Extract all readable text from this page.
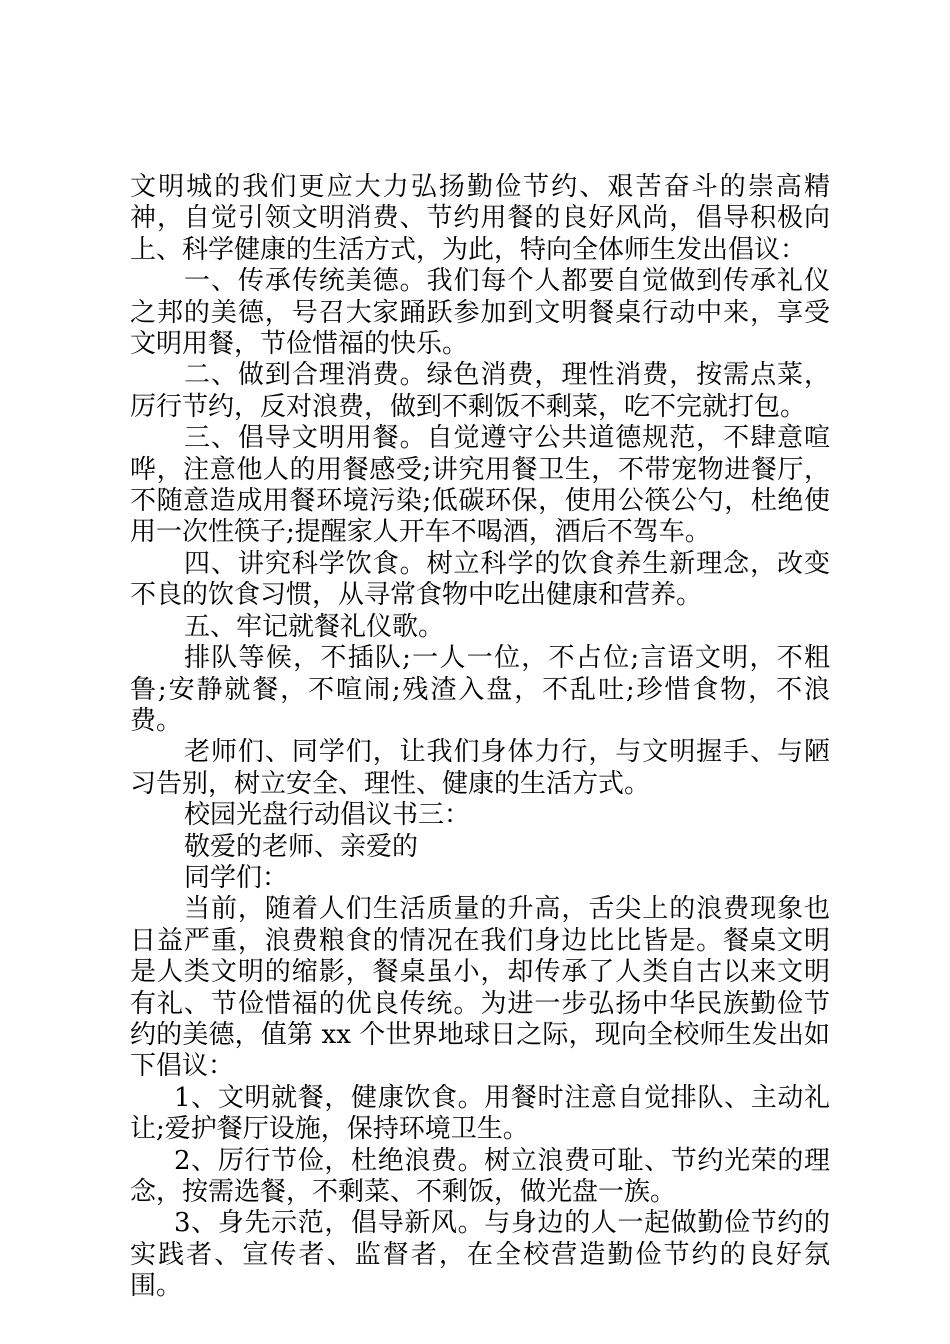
文明城的我们更应大力弘扬勤俭节约、艰苦奋斗的崇高精神，自觉引领文明消费、节约用餐的良好风尚，倡导积极向上、科学健康的生活方式，为此，特向全体师生发出倡议：

一、传承传统美德。我们每个人都要自觉做到传承礼仪之邦的美德，号召大家踊跃参加到文明餐桌行动中来，享受文明用餐，节俭惜福的快乐。

二、做到合理消费。绿色消费，理性消费，按需点菜，厉行节约，反对浪费，做到不剩饭不剩菜，吃不完就打包。

三、倡导文明用餐。自觉遵守公共道德规范，不肆意喧哗，注意他人的用餐感受;讲究用餐卫生，不带宠物进餐厅，不随意造成用餐环境污染;低碳环保，使用公筷公勺，杜绝使用一次性筷子;提醒家人开车不喝酒，酒后不驾车。

四、讲究科学饮食。树立科学的饮食养生新理念，改变不良的饮食习惯，从寻常食物中吃出健康和营养。

五、牢记就餐礼仪歌。

排队等候，不插队;一人一位，不占位;言语文明，不粗鲁;安静就餐，不喧闹;残渣入盘，不乱吐;珍惜食物，不浪费。

老师们、同学们，让我们身体力行，与文明握手、与陋习告别，树立安全、理性、健康的生活方式。

校园光盘行动倡议书三：

敬爱的老师、亲爱的

同学们：

当前，随着人们生活质量的升高，舌尖上的浪费现象也日益严重，浪费粮食的情况在我们身边比比皆是。餐桌文明是人类文明的缩影，餐桌虽小，却传承了人类自古以来文明有礼、节俭惜福的优良传统。为进一步弘扬中华民族勤俭节约的美德，值第 xx 个世界地球日之际，现向全校师生发出如下倡议：

1、文明就餐，健康饮食。用餐时注意自觉排队、主动礼让;爱护餐厅设施，保持环境卫生。

2、厉行节俭，杜绝浪费。树立浪费可耻、节约光荣的理念，按需选餐，不剩菜、不剩饭，做光盘一族。

3、身先示范，倡导新风。与身边的人一起做勤俭节约的实践者、宣传者、监督者，在全校营造勤俭节约的良好氛围。
